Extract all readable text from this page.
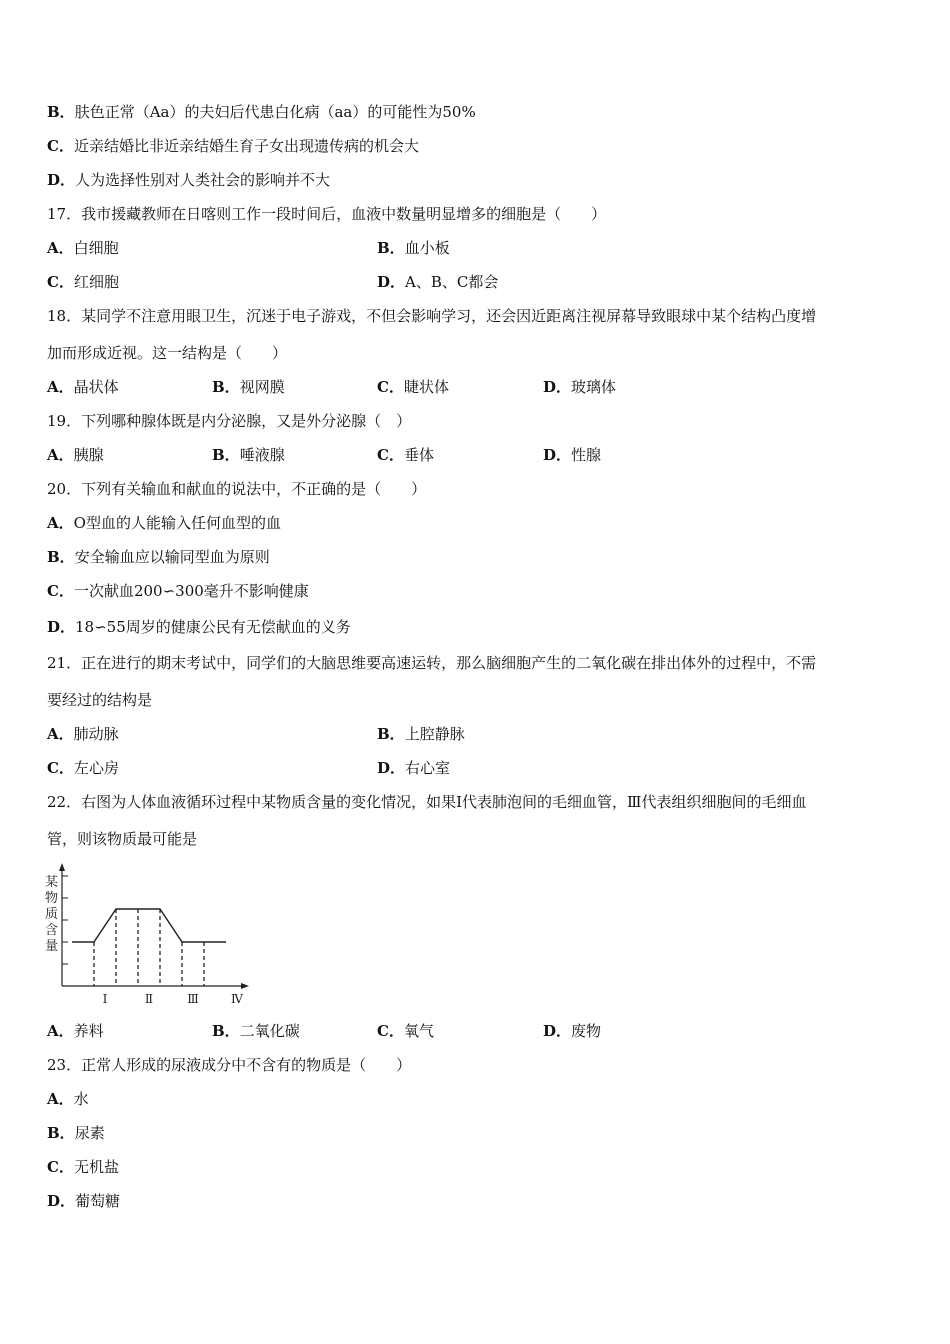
B．肤色正常（Aa）的夫妇后代患白化病（aa）的可能性为50%
C．近亲结婚比非近亲结婚生育子女出现遗传病的机会大
D．人为选择性别对人类社会的影响并不大
17．我市援藏教师在日喀则工作一段时间后，血液中数量明显增多的细胞是（　　）
A．白细胞	B．血小板
C．红细胞	D．A、B、C都会
18．某同学不注意用眼卫生，沉迷于电子游戏，不但会影响学习，还会因近距离注视屏幕导致眼球中某个结构凸度增
加而形成近视。这一结构是（　　）
A．晶状体	B．视网膜	C．睫状体	D．玻璃体
19．下列哪种腺体既是内分泌腺，又是外分泌腺（　）
A．胰腺	B．唾液腺	C．垂体	D．性腺
20．下列有关输血和献血的说法中，不正确的是（　　）
A．O型血的人能输入任何血型的血
B．安全输血应以输同型血为原则
C．一次献血200∽300毫升不影响健康
D．18∽55周岁的健康公民有无偿献血的义务
21．正在进行的期末考试中，同学们的大脑思维要高速运转，那么脑细胞产生的二氧化碳在排出体外的过程中，不需
要经过的结构是
A．肺动脉	B．上腔静脉
C．左心房	D．右心室
22．右图为人体血液循环过程中某物质含量的变化情况，如果Ⅰ代表肺泡间的毛细血管，Ⅲ代表组织细胞间的毛细血
管，则该物质最可能是
某物质含量
Ⅰ	Ⅱ	Ⅲ	Ⅳ
A．养料	B．二氧化碳	C．氧气	D．废物
23．正常人形成的尿液成分中不含有的物质是（　　）
A．水
B．尿素
C．无机盐
D．葡萄糖
